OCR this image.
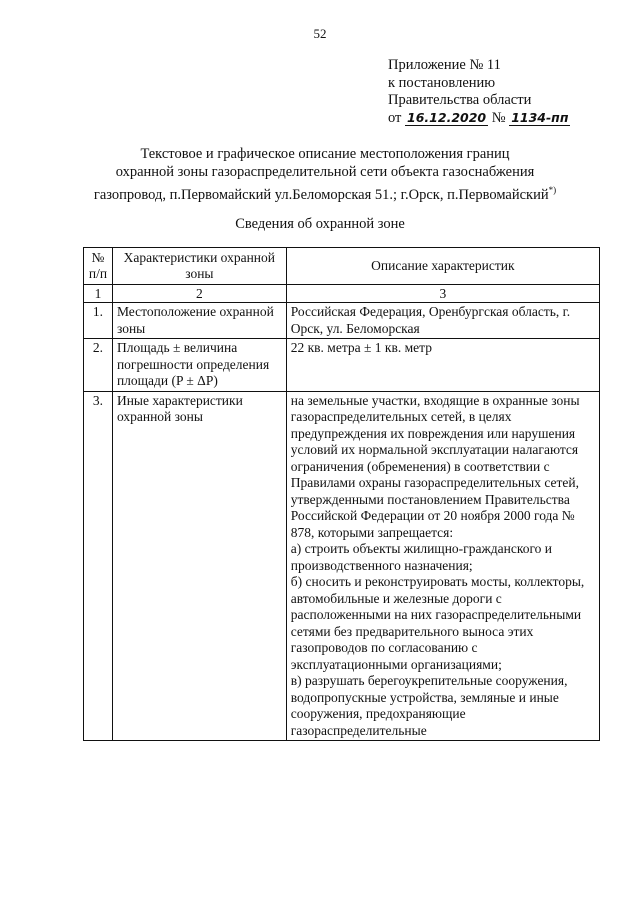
52
Приложение № 11
к постановлению
Правительства области
от 16.12.2020 № 1134-пп
Текстовое и графическое описание местоположения границ
охранной зоны газораспределительной сети объекта газоснабжения
газопровод, п.Первомайский ул.Беломорская 51.; г.Орск, п.Первомайский*)
Сведения об охранной зоне
№ п/п	Характеристики охранной зоны	Описание характеристик
1	2	3
1.	Местоположение охранной зоны	Российская Федерация, Оренбургская область, г. Орск, ул. Беломорская

2.	Площадь ± величина погрешности определения площади (P ± ΔP)	22 кв. метра ± 1 кв. метр

3.	Иные характеристики охранной зоны	на земельные участки, входящие в охранные зоны газораспределительных сетей, в целях предупреждения их повреждения или нарушения условий их нормальной эксплуатации налагаются ограничения (обременения) в соответствии с Правилами охраны газораспределительных сетей, утвержденными постановлением Правительства Российской Федерации от 20 ноября 2000 года № 878, которыми запрещается:
а) строить объекты жилищно-гражданского и производственного назначения;
б) сносить и реконструировать мосты, коллекторы, автомобильные и железные дороги с расположенными на них газораспределительными сетями без предварительного выноса этих газопроводов по согласованию с эксплуатационными организациями;
в) разрушать берегоукрепительные сооружения, водопропускные устройства, земляные и иные сооружения, предохраняющие газораспределительные
